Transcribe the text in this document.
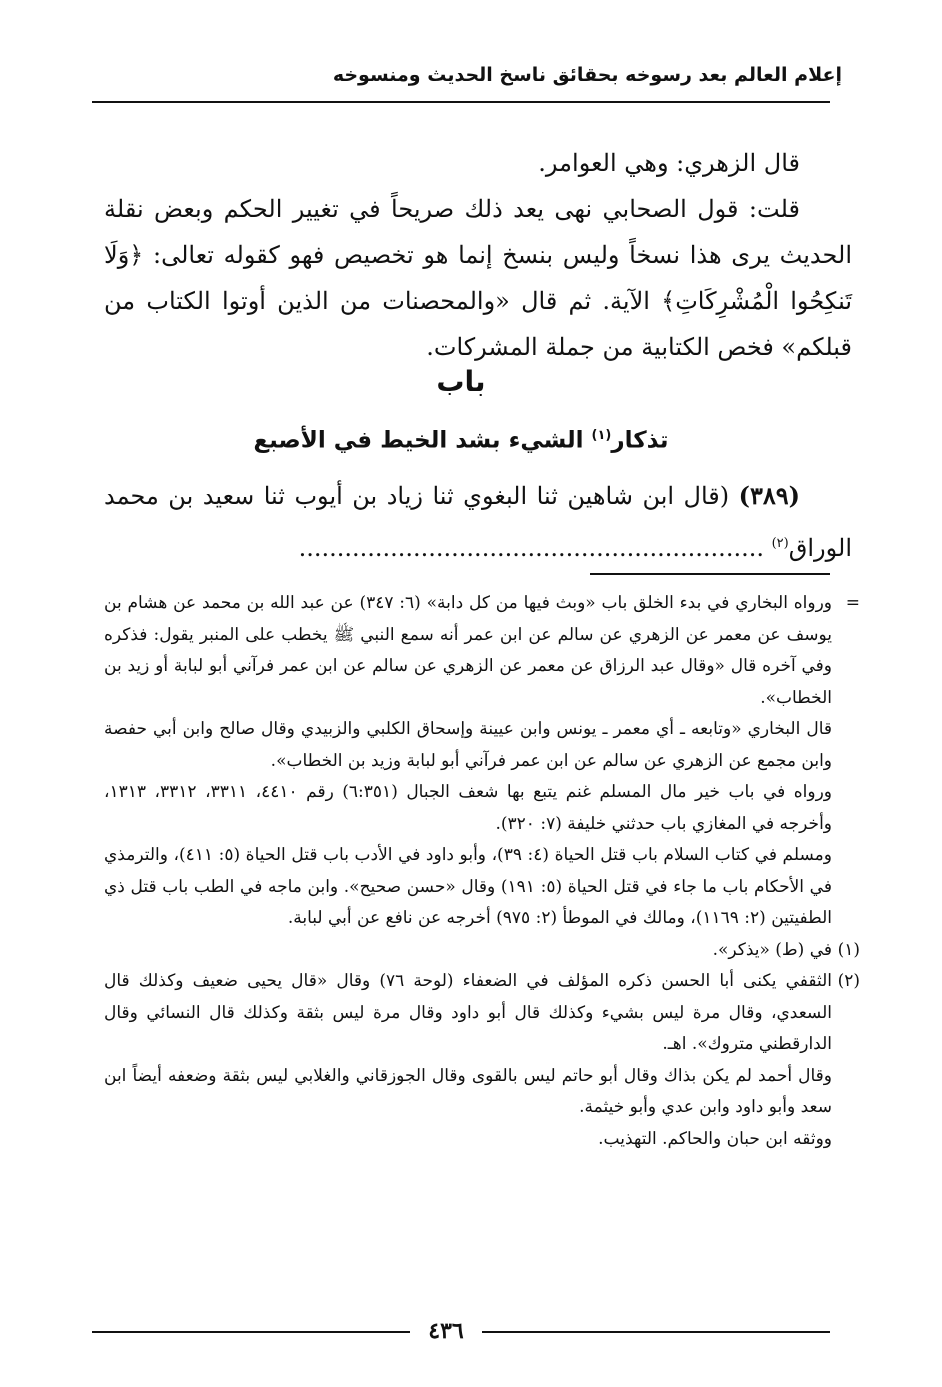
إعلام العالم بعد رسوخه بحقائق ناسخ الحديث ومنسوخه

قال الزهري: وهي العوامر.

قلت: قول الصحابي نهى يعد ذلك صريحاً في تغيير الحكم وبعض نقلة الحديث يرى هذا نسخاً وليس بنسخ إنما هو تخصيص فهو كقوله تعالى: ﴿وَلَا تَنكِحُوا الْمُشْرِكَاتِ﴾ الآية. ثم قال «والمحصنات من الذين أوتوا الكتاب من قبلكم» فخص الكتابية من جملة المشركات.

باب
تذكار$^{(١)}$ الشيء بشد الخيط في الأصبع

(٣٨٩) (قال ابن شاهين ثنا البغوي ثنا زياد بن أيوب ثنا سعيد بن محمد الوراق$^{(٢)}$ .............................................................

=

ورواه البخاري في بدء الخلق باب «وبث فيها من كل دابة» (٦: ٣٤٧) عن عبد الله بن محمد عن هشام بن يوسف عن معمر عن الزهري عن سالم عن ابن عمر أنه سمع النبي ﷺ يخطب على المنبر يقول: فذكره وفي آخره قال «وقال عبد الرزاق عن معمر عن الزهري عن سالم عن ابن عمر فرآني أبو لبابة أو زيد بن الخطاب».

قال البخاري «وتابعه ـ أي معمر ـ يونس وابن عيينة وإسحاق الكلبي والزبيدي وقال صالح وابن أبي حفصة وابن مجمع عن الزهري عن سالم عن ابن عمر فرآني أبو لبابة وزيد بن الخطاب».

ورواه في باب خير مال المسلم غنم يتبع بها شعف الجبال (٦:٣٥١) رقم ٤٤١٠، ٣٣١١، ٣٣١٢، ١٣١٣، وأخرجه في المغازي باب حدثني خليفة (٧: ٣٢٠).

ومسلم في كتاب السلام باب قتل الحياة (٤: ٣٩)، وأبو داود في الأدب باب قتل الحياة (٥: ٤١١)، والترمذي في الأحكام باب ما جاء في قتل الحياة (٥: ١٩١) وقال «حسن صحيح». وابن ماجه في الطب باب قتل ذي الطفيتين (٢: ١١٦٩)، ومالك في الموطأ (٢: ٩٧٥) أخرجه عن نافع عن أبي لبابة.

(١)

في (ط) «يذكر».

(٢)

الثقفي يكنى أبا الحسن ذكره المؤلف في الضعفاء (لوحة ٧٦) وقال «قال يحيى ضعيف وكذلك قال السعدي، وقال مرة ليس بشيء وكذلك قال أبو داود وقال مرة ليس بثقة وكذلك قال النسائي وقال الدارقطني متروك». اهـ.

وقال أحمد لم يكن بذاك وقال أبو حاتم ليس بالقوى وقال الجوزقاني والغلابي ليس بثقة وضعفه أيضاً ابن سعد وأبو داود وابن عدي وأبو خيثمة.

ووثقه ابن حبان والحاكم. التهذيب.

٤٣٦
